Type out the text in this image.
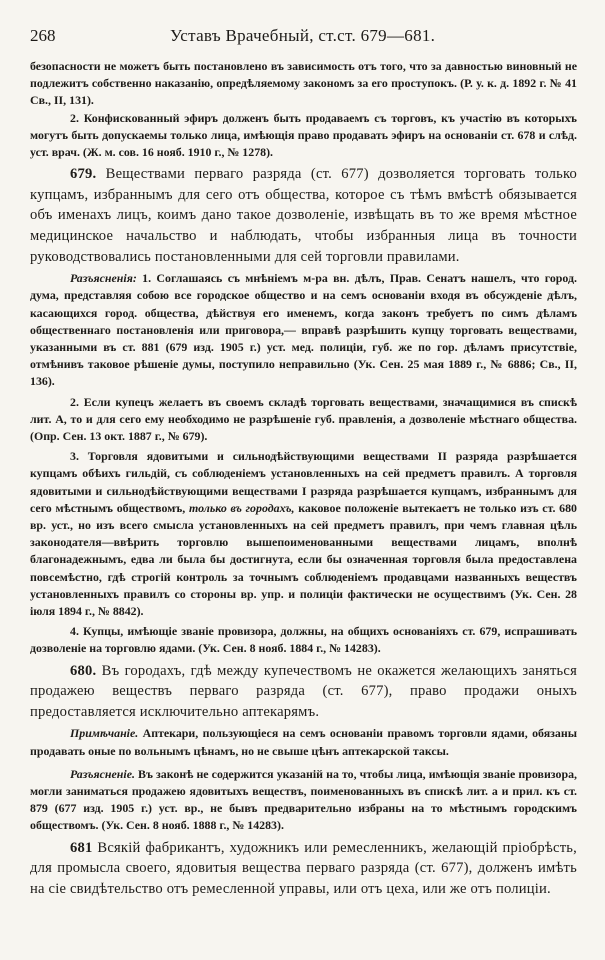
268	Уставъ Врачебный, ст.ст. 679—681.

безопасности не можетъ быть постановлено въ зависимость отъ того, что за давностью виновный не подлежитъ собственно наказанію, опредѣляемому закономъ за его проступокъ. (Р. у. к. д. 1892 г. № 41 Св., II, 131).

2. Конфискованный эфиръ долженъ быть продаваемъ съ торговъ, къ участію въ которыхъ могутъ быть допускаемы только лица, имѣющія право продавать эфиръ на основаніи ст. 678 и слѣд. уст. врач. (Ж. м. сов. 16 нояб. 1910 г., № 1278).

679. Веществами перваго разряда (ст. 677) дозволяется торговать только купцамъ, избраннымъ для сего отъ общества, которое съ тѣмъ вмѣстѣ обязывается объ именахъ лицъ, коимъ дано такое дозволеніе, извѣщать въ то же время мѣстное медицинское начальство и наблюдать, чтобы избранныя лица въ точности руководствовались постановленными для сей торговли правилами.

Разъясненія: 1. Соглашаясь съ мнѣніемъ м-ра вн. дѣлъ, Прав. Сенатъ нашелъ, что город. дума, представляя собою все городское общество и на семъ основаніи входя въ обсужденіе дѣлъ, касающихся город. общества, дѣйствуя его именемъ, когда законъ требуетъ по симъ дѣламъ общественнаго постановленія или приговора,— вправѣ разрѣшить купцу торговать веществами, указанными въ ст. 881 (679 изд. 1905 г.) уст. мед. полиціи, губ. же по гор. дѣламъ присутствіе, отмѣнивъ таковое рѣшеніе думы, поступило неправильно (Ук. Сен. 25 мая 1889 г., № 6886; Св., II, 136).

2. Если купецъ желаетъ въ своемъ складѣ торговать веществами, значащимися въ спискѣ лит. А, то и для сего ему необходимо не разрѣшеніе губ. правленія, а дозволеніе мѣстнаго общества. (Опр. Сен. 13 окт. 1887 г., № 679).

3. Торговля ядовитыми и сильнодѣйствующими веществами II разряда разрѣшается купцамъ обѣихъ гильдій, съ соблюденіемъ установленныхъ на сей предметъ правилъ. А торговля ядовитыми и сильнодѣйствующими веществами I разряда разрѣшается купцамъ, избраннымъ для сего мѣстнымъ обществомъ, только въ городахъ, каковое положеніе вытекаетъ не только изъ ст. 680 вр. уст., но изъ всего смысла установленныхъ на сей предметъ правилъ, при чемъ главная цѣль законодателя—ввѣрить торговлю вышепоименованными веществами лицамъ, вполнѣ благонадежнымъ, едва ли была бы достигнута, если бы означенная торговля была предоставлена повсемѣстно, гдѣ строгій контроль за точнымъ соблюденіемъ продавцами названныхъ веществъ установленныхъ правилъ со стороны вр. упр. и полиціи фактически не осуществимъ (Ук. Сен. 28 іюля 1894 г., № 8842).

4. Купцы, имѣющіе званіе провизора, должны, на общихъ основаніяхъ ст. 679, испрашивать дозволеніе на торговлю ядами. (Ук. Сен. 8 нояб. 1884 г., № 14283).

680. Въ городахъ, гдѣ между купечествомъ не окажется желающихъ заняться продажею веществъ перваго разряда (ст. 677), право продажи оныхъ предоставляется исключительно аптекарямъ.

Примѣчаніе. Аптекари, пользующіеся на семъ основаніи правомъ торговли ядами, обязаны продавать оные по вольнымъ цѣнамъ, но не свыше цѣнъ аптекарской таксы.

Разъясненіе. Въ законѣ не содержится указаній на то, чтобы лица, имѣющія званіе провизора, могли заниматься продажею ядовитыхъ веществъ, поименованныхъ въ спискѣ лит. а и прил. къ ст. 879 (677 изд. 1905 г.) уст. вр., не бывъ предварительно избраны на то мѣстнымъ городскимъ обществомъ. (Ук. Сен. 8 нояб. 1888 г., № 14283).

681 Всякій фабрикантъ, художникъ или ремесленникъ, желающій пріобрѣсть, для промысла своего, ядовитыя вещества перваго разряда (ст. 677), долженъ имѣть на сіе свидѣтельство отъ ремесленной управы, или отъ цеха, или же отъ полиціи.
